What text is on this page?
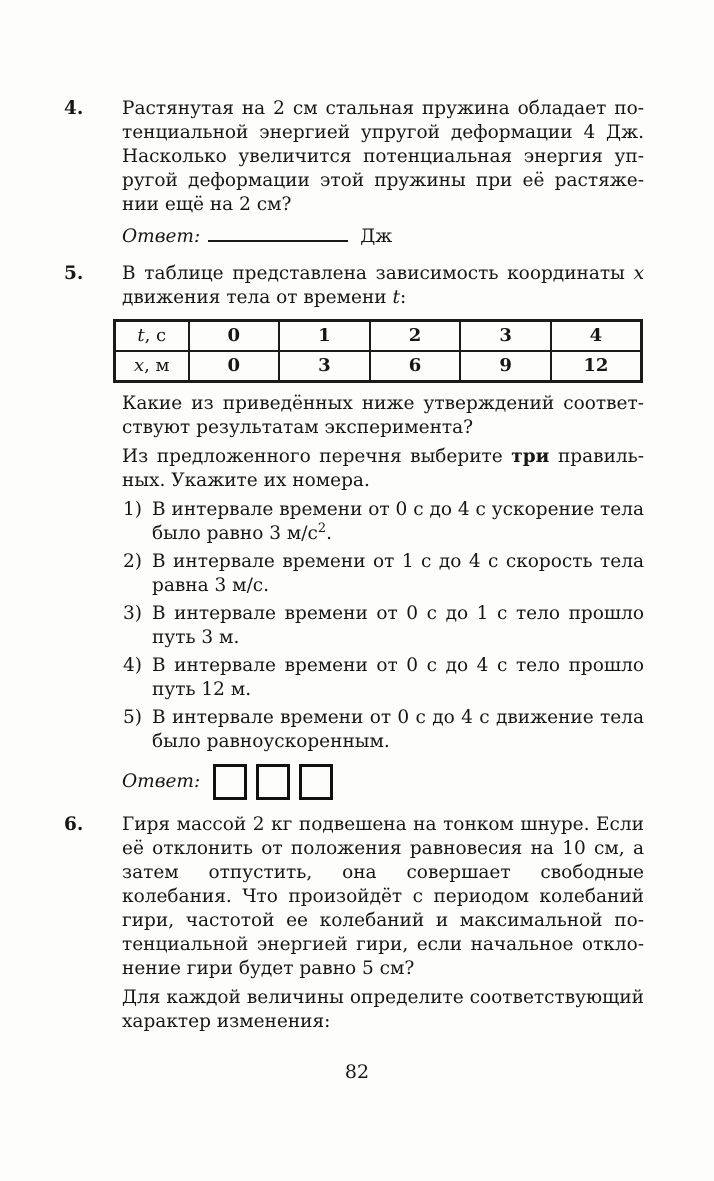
4. Растянутая на 2 см стальная пружина обладает потенциальной энергией упругой деформации 4 Дж. Насколько увеличится потенциальная энергия упругой деформации этой пружины при её растяжении ещё на 2 см?

Ответ:	Дж
5. В таблице представлена зависимость координаты x движения тела от времени t:

t, с	0	1	2	3	4
x, м	0	3	6	9	12

Какие из приведённых ниже утверждений соответствуют результатам эксперимента?

Из предложенного перечня выберите три правильных. Укажите их номера.

1) В интервале времени от 0 с до 4 с ускорение тела было равно 3 $м/с^2$.
2) В интервале времени от 1 с до 4 с скорость тела равна 3 м/с.
3) В интервале времени от 0 с до 1 с тело прошло путь 3 м.
4) В интервале времени от 0 с до 4 с тело прошло путь 12 м.
5) В интервале времени от 0 с до 4 с движение тела было равноускоренным.
Ответ:
6. Гиря массой 2 кг подвешена на тонком шнуре. Если её отклонить от положения равновесия на 10 см, а затем отпустить, она совершает свободные колебания. Что произойдёт с периодом колебаний гири, частотой ее колебаний и максимальной потенциальной энергией гири, если начальное отклонение гири будет равно 5 см?

Для каждой величины определите соответствующий характер изменения:

82
